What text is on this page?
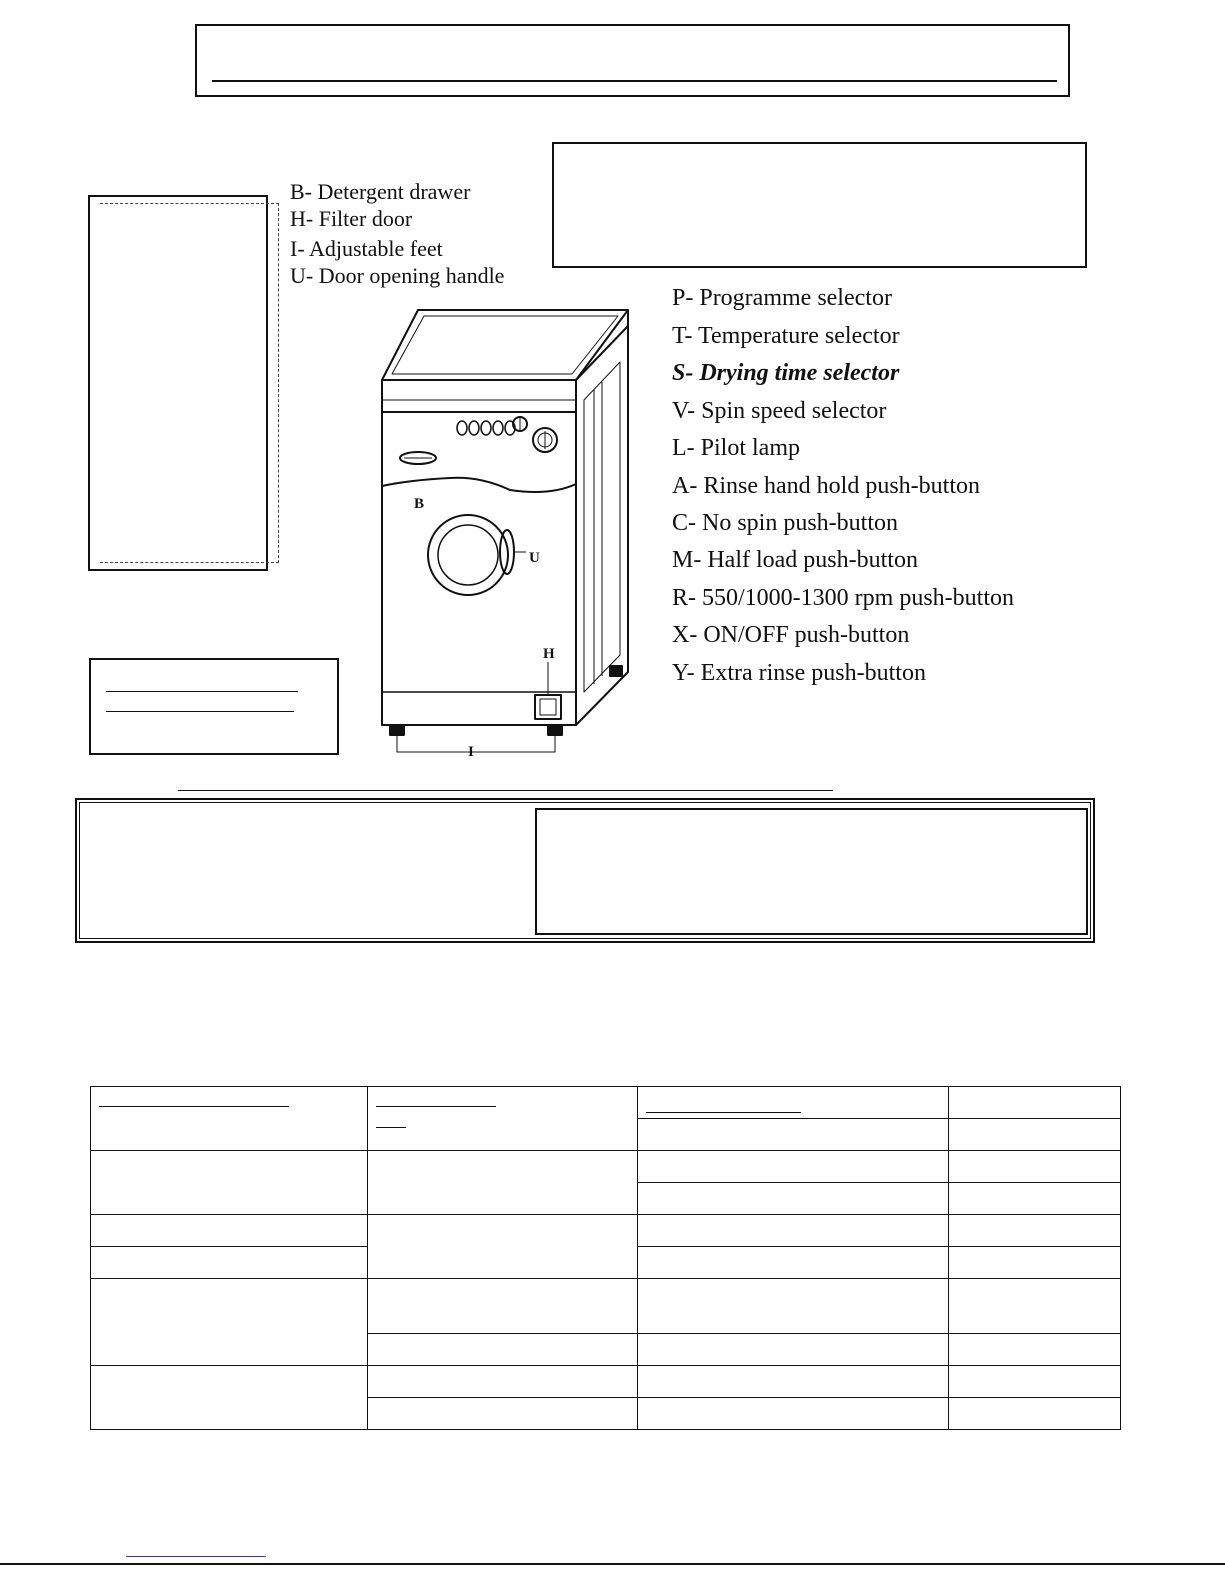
B- Detergent drawer
H- Filter door
I- Adjustable feet
U- Door opening handle
B
U
H
I
P- Programme selector
T- Temperature selector
S- Drying time selector
V- Spin speed selector
L- Pilot lamp
A- Rinse hand hold push-button
C- No spin push-button
M- Half load push-button
R- 550/1000-1300 rpm push-button
X- ON/OFF push-button
Y- Extra rinse push-button
